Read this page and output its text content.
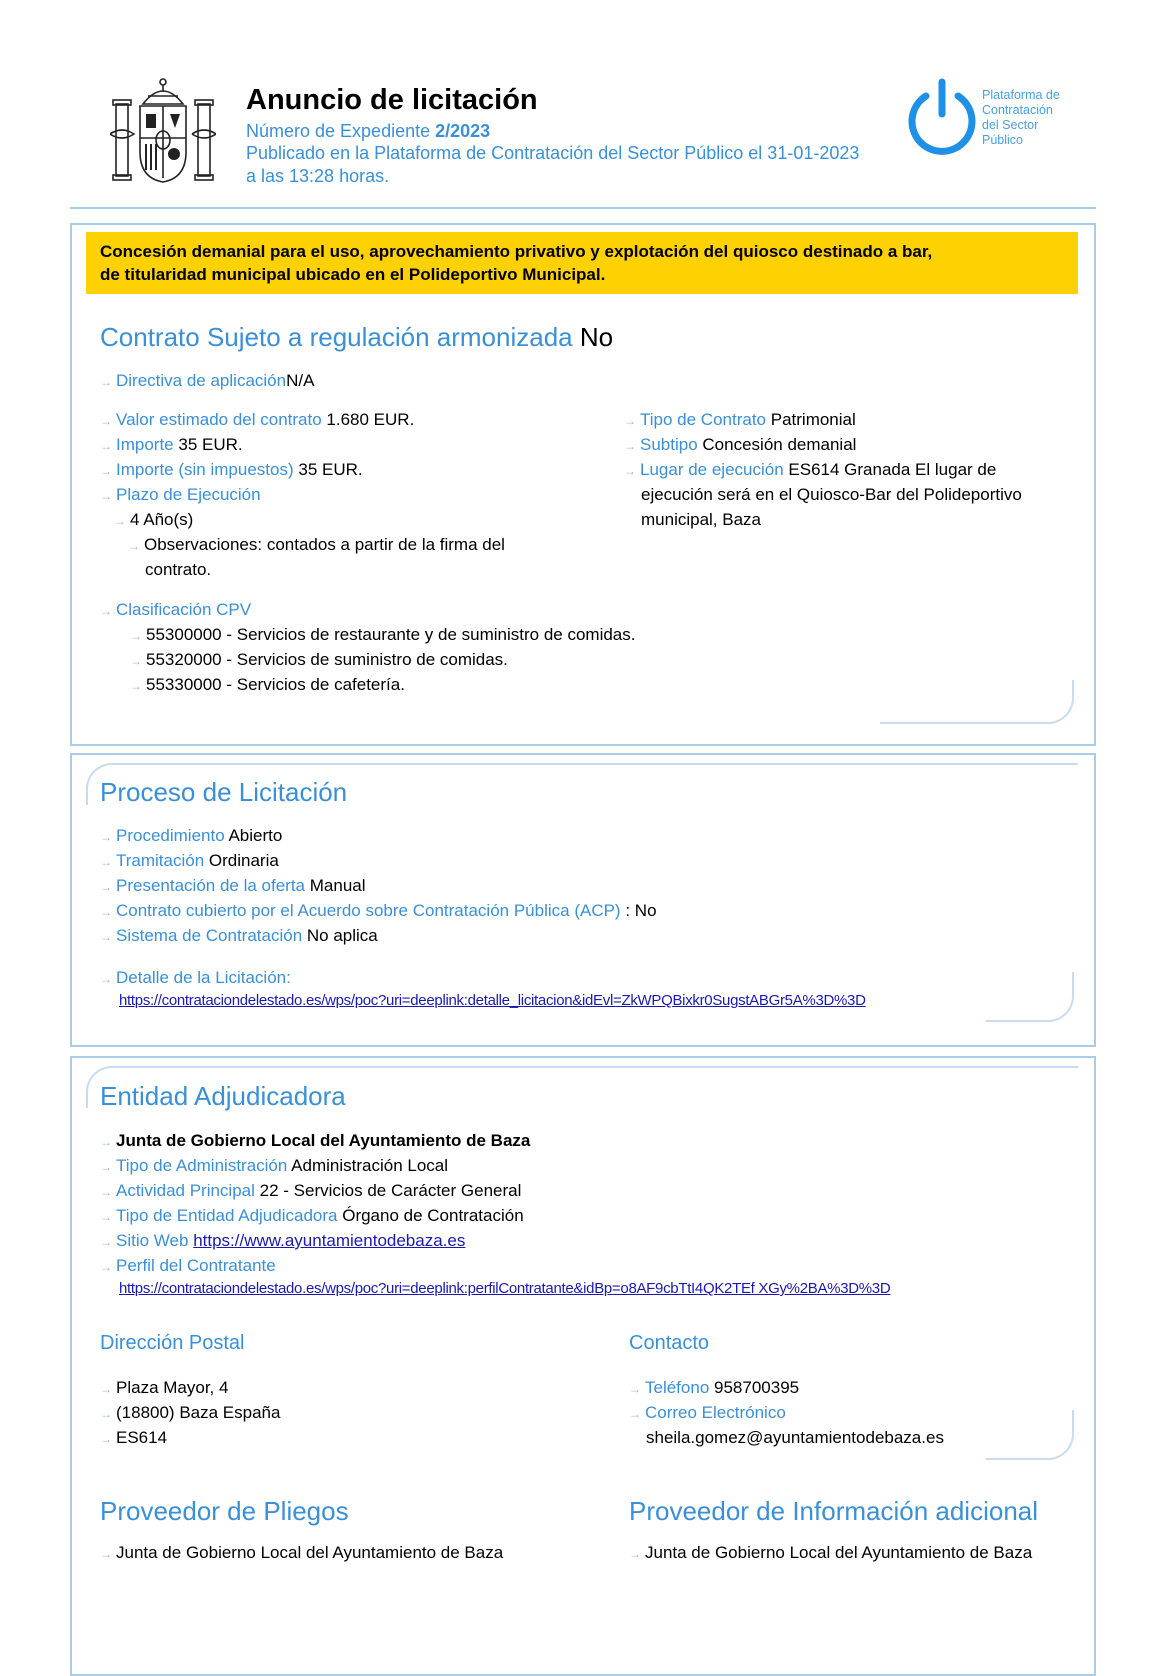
Anuncio de licitación
Número de Expediente 2/2023
Publicado en la Plataforma de Contratación del Sector Público el 31-01-2023
a las 13:28 horas.
Plataforma de
Contratación
del Sector
Público
Concesión demanial para el uso, aprovechamiento privativo y explotación del quiosco destinado a bar,
de titularidad municipal ubicado en el Polideportivo Municipal.
Contrato Sujeto a regulación armonizada No
→ Directiva de aplicaciónN/A
→ Valor estimado del contrato 1.680 EUR.
→ Importe 35 EUR.
→ Importe (sin impuestos) 35 EUR.
→ Plazo de Ejecución
→ 4 Año(s)
→ Observaciones: contados a partir de la firma del
contrato.
→ Tipo de Contrato Patrimonial
→ Subtipo Concesión demanial
→ Lugar de ejecución ES614 Granada El lugar de
ejecución será en el Quiosco-Bar del Polideportivo
municipal, Baza
→ Clasificación CPV
→ 55300000 - Servicios de restaurante y de suministro de comidas.
→ 55320000 - Servicios de suministro de comidas.
→ 55330000 - Servicios de cafetería.
Proceso de Licitación
→ Procedimiento Abierto
→ Tramitación Ordinaria
→ Presentación de la oferta Manual
→ Contrato cubierto por el Acuerdo sobre Contratación Pública (ACP) : No
→ Sistema de Contratación No aplica
→ Detalle de la Licitación:
https://contrataciondelestado.es/wps/poc?uri=deeplink:detalle_licitacion&idEvl=ZkWPQBixkr0SugstABGr5A%3D%3D
Entidad Adjudicadora
→ Junta de Gobierno Local del Ayuntamiento de Baza
→ Tipo de Administración Administración Local
→ Actividad Principal 22 - Servicios de Carácter General
→ Tipo de Entidad Adjudicadora Órgano de Contratación
→ Sitio Web https://www.ayuntamientodebaza.es
→ Perfil del Contratante
https://contrataciondelestado.es/wps/poc?uri=deeplink:perfilContratante&idBp=o8AF9cbTtI4QK2TEf XGy%2BA%3D%3D
Dirección Postal
→ Plaza Mayor, 4
→ (18800) Baza España
→ ES614
Contacto
→ Teléfono 958700395
→ Correo Electrónico
sheila.gomez@ayuntamientodebaza.es
Proveedor de Pliegos
→ Junta de Gobierno Local del Ayuntamiento de Baza
Proveedor de Información adicional
→ Junta de Gobierno Local del Ayuntamiento de Baza
